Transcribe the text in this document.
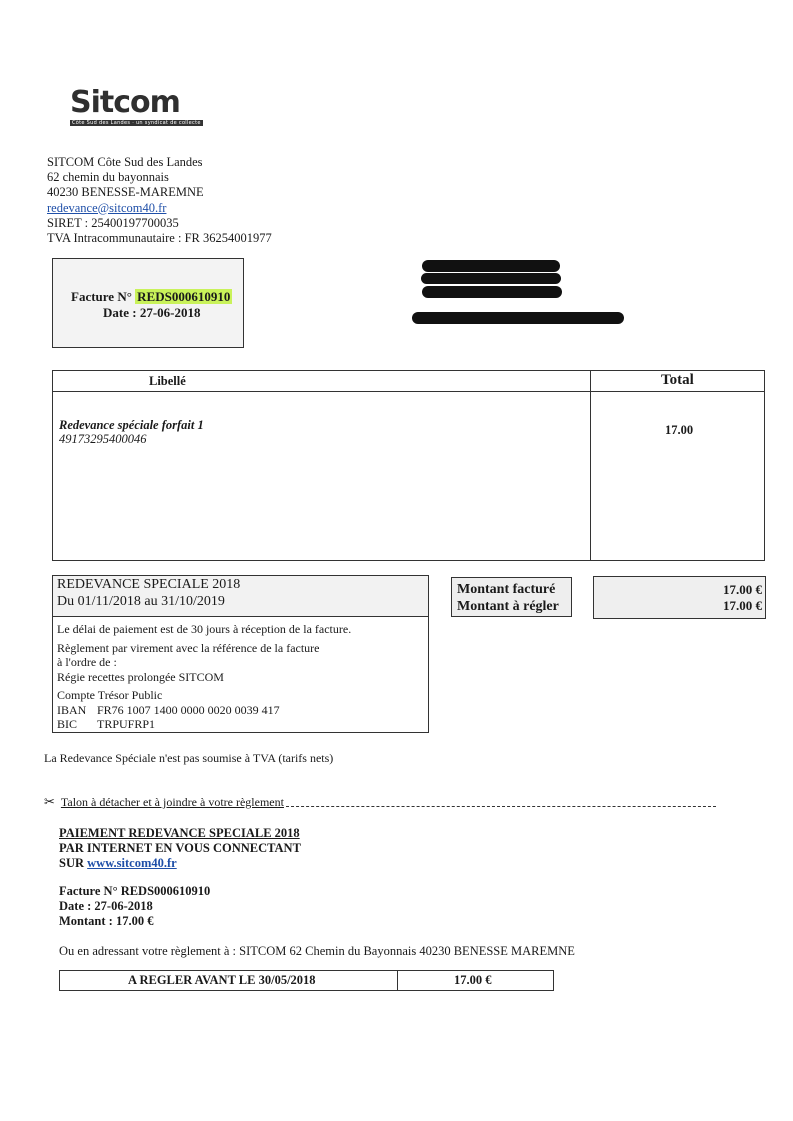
Sitcom
Côte Sud des Landes · un syndicat de collecte
SITCOM Côte Sud des Landes
62 chemin du bayonnais
40230 BENESSE-MAREMNE
redevance@sitcom40.fr
SIRET : 25400197700035
TVA Intracommunautaire : FR 36254001977
Facture N° REDS000610910
Date : 27-06-2018
Libellé	Total
Redevance spéciale forfait 1
49173295400046
17.00
REDEVANCE SPECIALE 2018
Du 01/11/2018 au 31/10/2019
Le délai de paiement est de 30 jours à réception de la facture.
Règlement par virement avec la référence de la facture
à l'ordre de :
Régie recettes prolongée SITCOM
Compte Trésor Public
IBAN FR76 1007 1400 0000 0020 0039 417
BIC TRPUFRP1
Montant facturé
Montant à régler
17.00 €
17.00 €
La Redevance Spéciale n'est pas soumise à TVA (tarifs nets)
✂ Talon à détacher et à joindre à votre règlement
PAIEMENT REDEVANCE SPECIALE 2018
PAR INTERNET EN VOUS CONNECTANT
SUR www.sitcom40.fr
Facture N° REDS000610910
Date : 27-06-2018
Montant : 17.00 €
Ou en adressant votre règlement à : SITCOM 62 Chemin du Bayonnais 40230 BENESSE MAREMNE
A REGLER AVANT LE 30/05/2018	17.00 €
